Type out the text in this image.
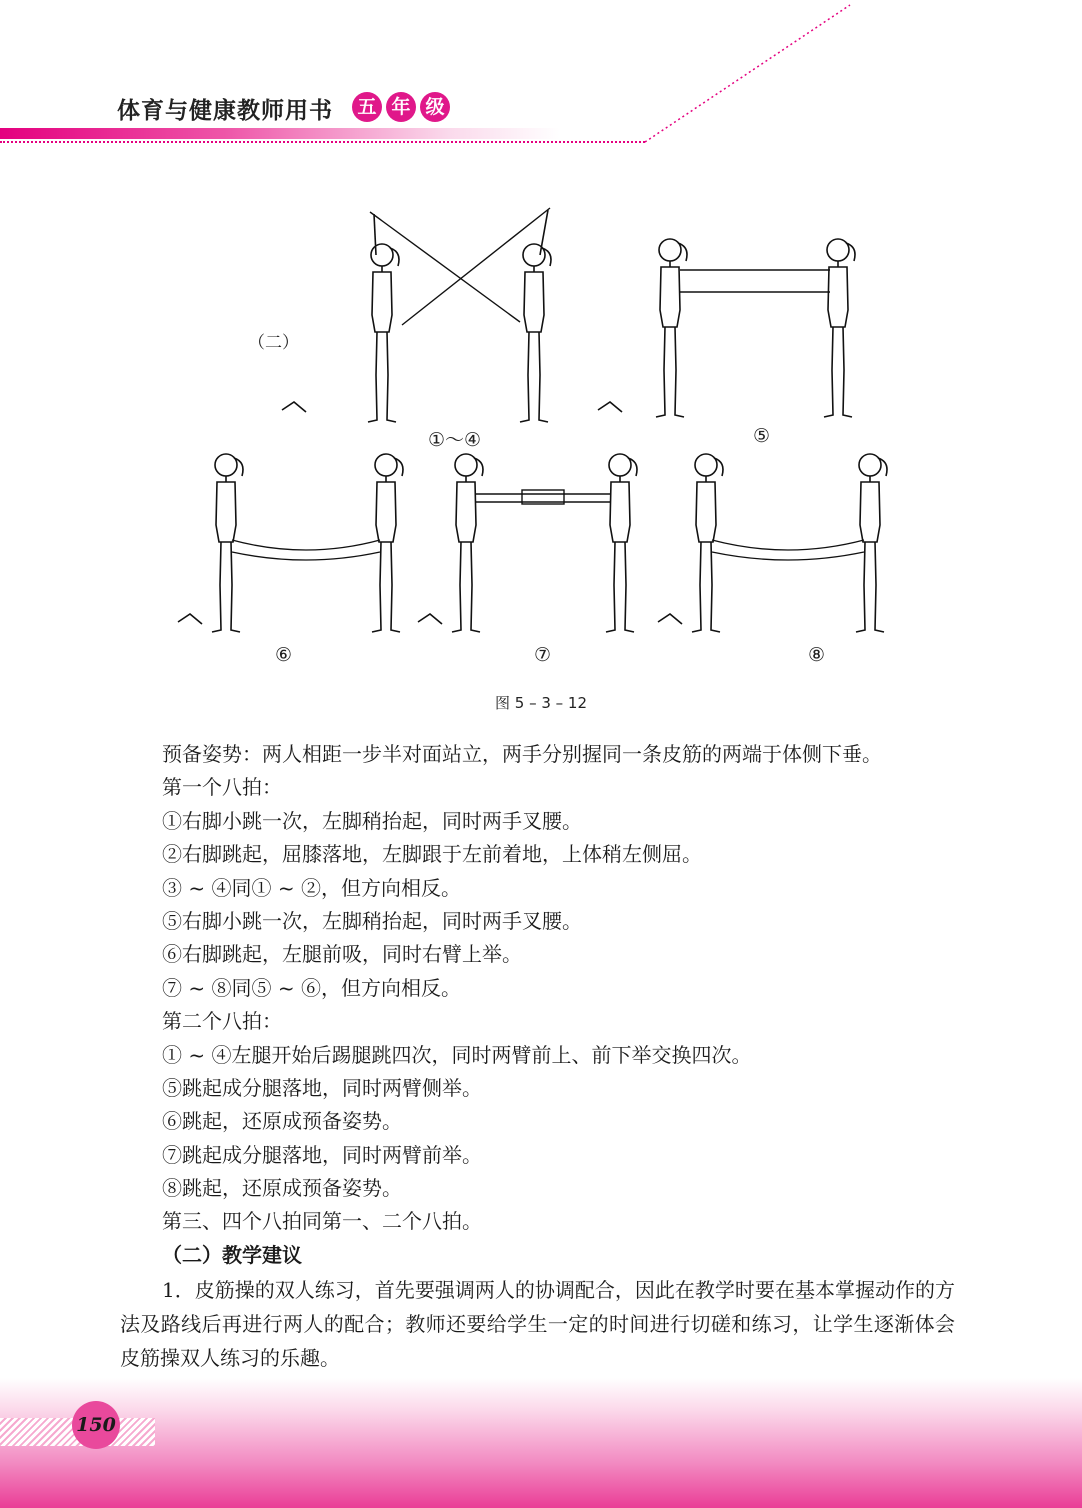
体育与健康教师用书 五 年 级
（二）
①～④	⑤
⑥	⑦	⑧
图 5 – 3 – 12

预备姿势：两人相距一步半对面站立，两手分别握同一条皮筋的两端于体侧下垂。

第一个八拍：

①右脚小跳一次，左脚稍抬起，同时两手叉腰。

②右脚跳起，屈膝落地，左脚跟于左前着地，上体稍左侧屈。

③ ~ ④同① ~ ②，但方向相反。

⑤右脚小跳一次，左脚稍抬起，同时两手叉腰。

⑥右脚跳起，左腿前吸，同时右臂上举。

⑦ ~ ⑧同⑤ ~ ⑥，但方向相反。

第二个八拍：

① ~ ④左腿开始后踢腿跳四次，同时两臂前上、前下举交换四次。

⑤跳起成分腿落地，同时两臂侧举。

⑥跳起，还原成预备姿势。

⑦跳起成分腿落地，同时两臂前举。

⑧跳起，还原成预备姿势。

第三、四个八拍同第一、二个八拍。

（二）教学建议

1．皮筋操的双人练习，首先要强调两人的协调配合，因此在教学时要在基本掌握动作的方法及路线后再进行两人的配合；教师还要给学生一定的时间进行切磋和练习，让学生逐渐体会皮筋操双人练习的乐趣。
150
